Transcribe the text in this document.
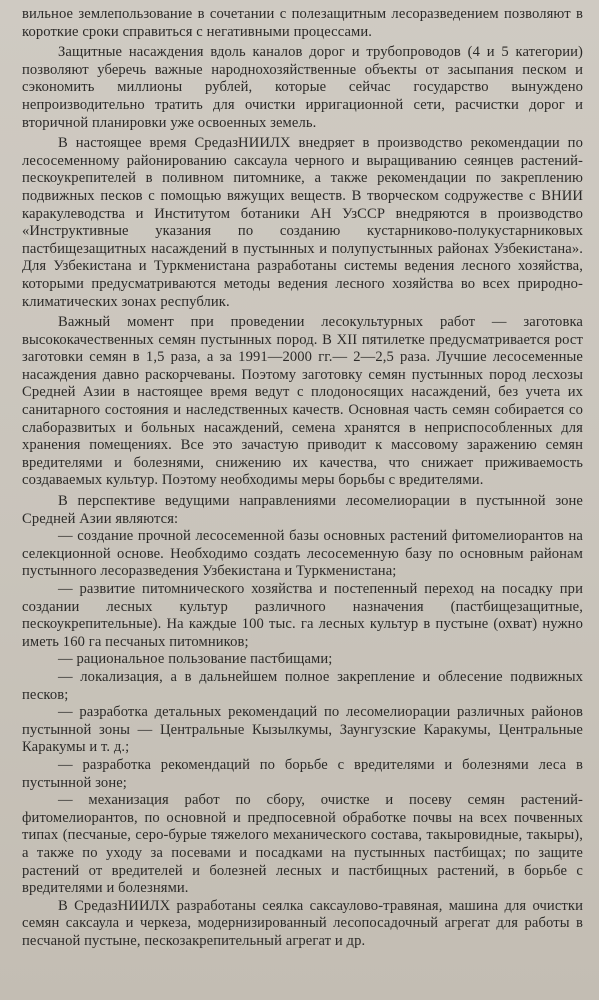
вильное землепользование в сочетании с полезащитным лесоразведением позволяют в короткие сроки справиться с негативными процессами.

Защитные насаждения вдоль каналов дорог и трубопроводов (4 и 5 категории) позволяют уберечь важные народнохозяйственные объекты от засыпания песком и сэкономить миллионы рублей, которые сейчас государство вынуждено непроизводительно тратить для очистки ирригационной сети, расчистки дорог и вторичной планировки уже освоенных земель.

В настоящее время СредазНИИЛХ внедряет в производство рекомендации по лесосеменному районированию саксаула черного и выращиванию сеянцев растений-пескоукрепителей в поливном питомнике, а также рекомендации по закреплению подвижных песков с помощью вяжущих веществ. В творческом содружестве с ВНИИ каракулеводства и Институтом ботаники АН УзССР внедряются в производство «Инструктивные указания по созданию кустарниково-полукустарниковых пастбищезащитных насаждений в пустынных и полупустынных районах Узбекистана». Для Узбекистана и Туркменистана разработаны системы ведения лесного хозяйства, которыми предусматриваются методы ведения лесного хозяйства во всех природно-климатических зонах республик.

Важный момент при проведении лесокультурных работ — заготовка высококачественных семян пустынных пород. В XII пятилетке предусматривается рост заготовки семян в 1,5 раза, а за 1991—2000 гг.— 2—2,5 раза. Лучшие лесосеменные насаждения давно раскорчеваны. Поэтому заготовку семян пустынных пород лесхозы Средней Азии в настоящее время ведут с плодоносящих насаждений, без учета их санитарного состояния и наследственных качеств. Основная часть семян собирается со слаборазвитых и больных насаждений, семена хранятся в неприспособленных для хранения помещениях. Все это зачастую приводит к массовому заражению семян вредителями и болезнями, снижению их качества, что снижает приживаемость создаваемых культур. Поэтому необходимы меры борьбы с вредителями.

В перспективе ведущими направлениями лесомелиорации в пустынной зоне Средней Азии являются:

— создание прочной лесосеменной базы основных растений фитомелиорантов на селекционной основе. Необходимо создать лесосеменную базу по основным районам пустынного лесоразведения Узбекистана и Туркменистана;

— развитие питомнического хозяйства и постепенный переход на посадку при создании лесных культур различного назначения (пастбищезащитные, пескоукрепительные). На каждые 100 тыс. га лесных культур в пустыне (охват) нужно иметь 160 га песчаных питомников;

— рациональное пользование пастбищами;

— локализация, а в дальнейшем полное закрепление и облесение подвижных песков;

— разработка детальных рекомендаций по лесомелиорации различных районов пустынной зоны — Центральные Кызылкумы, Заунгузские Каракумы, Центральные Каракумы и т. д.;

— разработка рекомендаций по борьбе с вредителями и болезнями леса в пустынной зоне;

— механизация работ по сбору, очистке и посеву семян растений-фитомелиорантов, по основной и предпосевной обработке почвы на всех почвенных типах (песчаные, серо-бурые тяжелого механического состава, такыровидные, такыры), а также по уходу за посевами и посадками на пустынных пастбищах; по защите растений от вредителей и болезней лесных и пастбищных растений, в борьбе с вредителями и болезнями.

В СредазНИИЛХ разработаны сеялка саксаулово-травяная, машина для очистки семян саксаула и черкеза, модернизированный лесопосадочный агрегат для работы в песчаной пустыне, пескозакрепительный агрегат и др.
